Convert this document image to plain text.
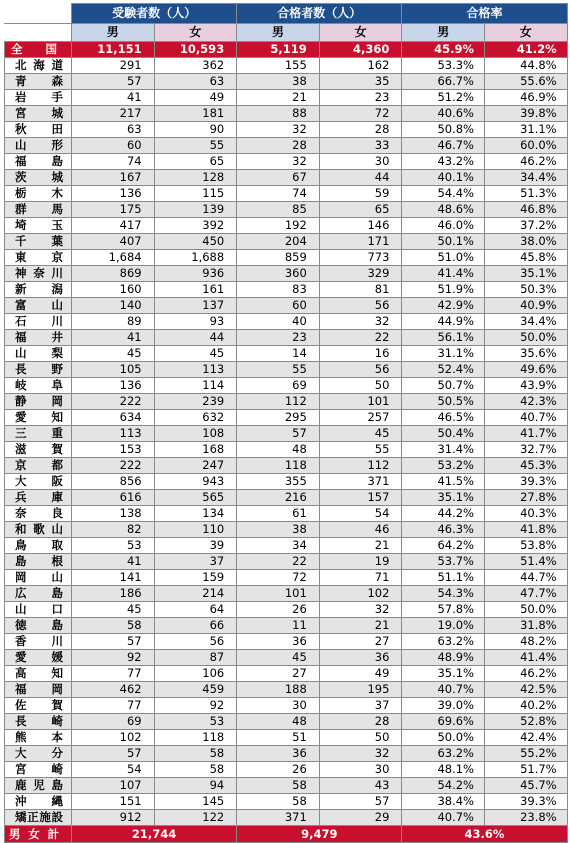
	受験者数（人）		合格者数（人）		合格率	
	男	女	男	女	男	女
全国	11,151	10,593	5,119	4,360	45.9%	41.2%
北海道	291	362	155	162	53.3%	44.8%
青森	57	63	38	35	66.7%	55.6%
岩手	41	49	21	23	51.2%	46.9%
宮城	217	181	88	72	40.6%	39.8%
秋田	63	90	32	28	50.8%	31.1%
山形	60	55	28	33	46.7%	60.0%
福島	74	65	32	30	43.2%	46.2%
茨城	167	128	67	44	40.1%	34.4%
栃木	136	115	74	59	54.4%	51.3%
群馬	175	139	85	65	48.6%	46.8%
埼玉	417	392	192	146	46.0%	37.2%
千葉	407	450	204	171	50.1%	38.0%
東京	1,684	1,688	859	773	51.0%	45.8%
神奈川	869	936	360	329	41.4%	35.1%
新潟	160	161	83	81	51.9%	50.3%
富山	140	137	60	56	42.9%	40.9%
石川	89	93	40	32	44.9%	34.4%
福井	41	44	23	22	56.1%	50.0%
山梨	45	45	14	16	31.1%	35.6%
長野	105	113	55	56	52.4%	49.6%
岐阜	136	114	69	50	50.7%	43.9%
静岡	222	239	112	101	50.5%	42.3%
愛知	634	632	295	257	46.5%	40.7%
三重	113	108	57	45	50.4%	41.7%
滋賀	153	168	48	55	31.4%	32.7%
京都	222	247	118	112	53.2%	45.3%
大阪	856	943	355	371	41.5%	39.3%
兵庫	616	565	216	157	35.1%	27.8%
奈良	138	134	61	54	44.2%	40.3%
和歌山	82	110	38	46	46.3%	41.8%
鳥取	53	39	34	21	64.2%	53.8%
島根	41	37	22	19	53.7%	51.4%
岡山	141	159	72	71	51.1%	44.7%
広島	186	214	101	102	54.3%	47.7%
山口	45	64	26	32	57.8%	50.0%
徳島	58	66	11	21	19.0%	31.8%
香川	57	56	36	27	63.2%	48.2%
愛媛	92	87	45	36	48.9%	41.4%
高知	77	106	27	49	35.1%	46.2%
福岡	462	459	188	195	40.7%	42.5%
佐賀	77	92	30	37	39.0%	40.2%
長崎	69	53	48	28	69.6%	52.8%
熊本	102	118	51	50	50.0%	42.4%
大分	57	58	36	32	63.2%	55.2%
宮崎	54	58	26	30	48.1%	51.7%
鹿児島	107	94	58	43	54.2%	45.7%
沖縄	151	145	58	57	38.4%	39.3%
矯正施設	912	122	371	29	40.7%	23.8%
男女計	21,744		9,479		43.6%	
